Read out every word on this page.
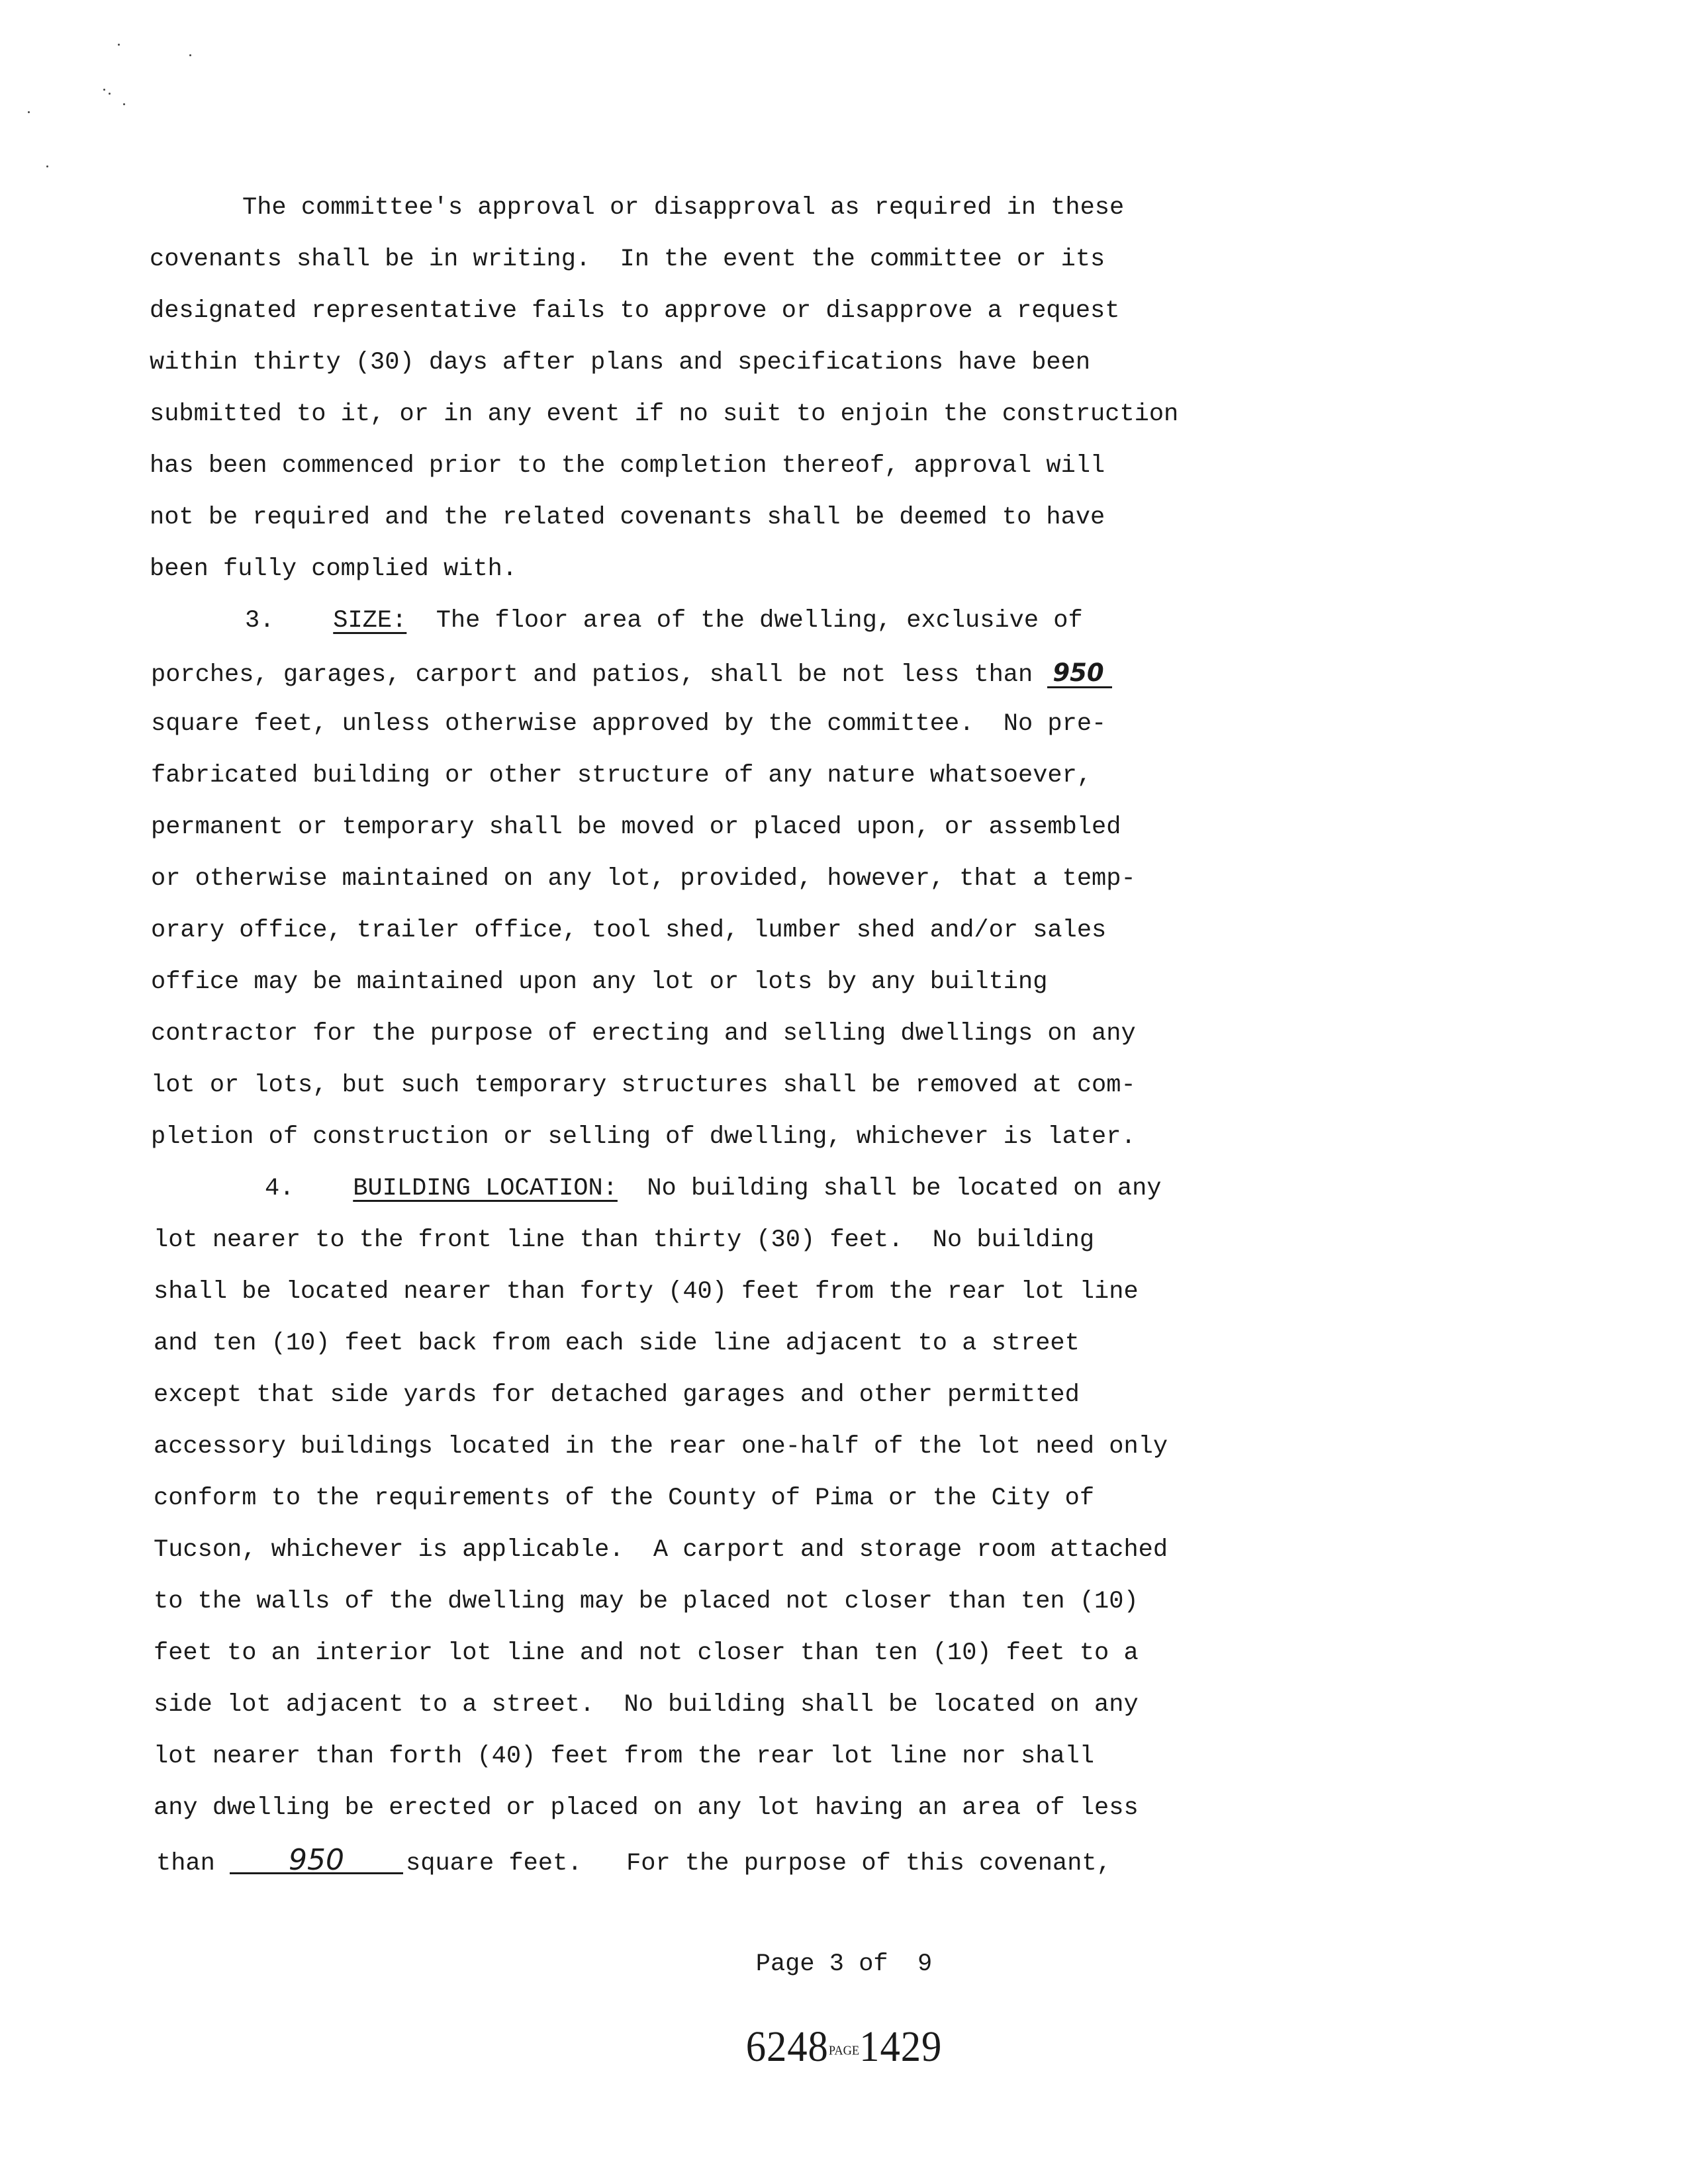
The committee's approval or disapproval as required in these
covenants shall be in writing.  In the event the committee or its
designated representative fails to approve or disapprove a request
within thirty (30) days after plans and specifications have been
submitted to it, or in any event if no suit to enjoin the construction
has been commenced prior to the completion thereof, approval will
not be required and the related covenants shall be deemed to have
been fully complied with.
3. SIZE: The floor area of the dwelling, exclusive of
porches, garages, carport and patios, shall be not less than 950
square feet, unless otherwise approved by the committee.  No pre-
fabricated building or other structure of any nature whatsoever,
permanent or temporary shall be moved or placed upon, or assembled
or otherwise maintained on any lot, provided, however, that a temp-
orary office, trailer office, tool shed, lumber shed and/or sales
office may be maintained upon any lot or lots by any builting
contractor for the purpose of erecting and selling dwellings on any
lot or lots, but such temporary structures shall be removed at com-
pletion of construction or selling of dwelling, whichever is later.
4. BUILDING LOCATION: No building shall be located on any
lot nearer to the front line than thirty (30) feet.  No building
shall be located nearer than forty (40) feet from the rear lot line
and ten (10) feet back from each side line adjacent to a street
except that side yards for detached garages and other permitted
accessory buildings located in the rear one-half of the lot need only
conform to the requirements of the County of Pima or the City of
Tucson, whichever is applicable.  A carport and storage room attached
to the walls of the dwelling may be placed not closer than ten (10)
feet to an interior lot line and not closer than ten (10) feet to a
side lot adjacent to a street.  No building shall be located on any
lot nearer than forth (40) feet from the rear lot line nor shall
any dwelling be erected or placed on any lot having an area of less
than 950	square feet.   For the purpose of this covenant,
Page 3 of  9
6248PAGE1429
